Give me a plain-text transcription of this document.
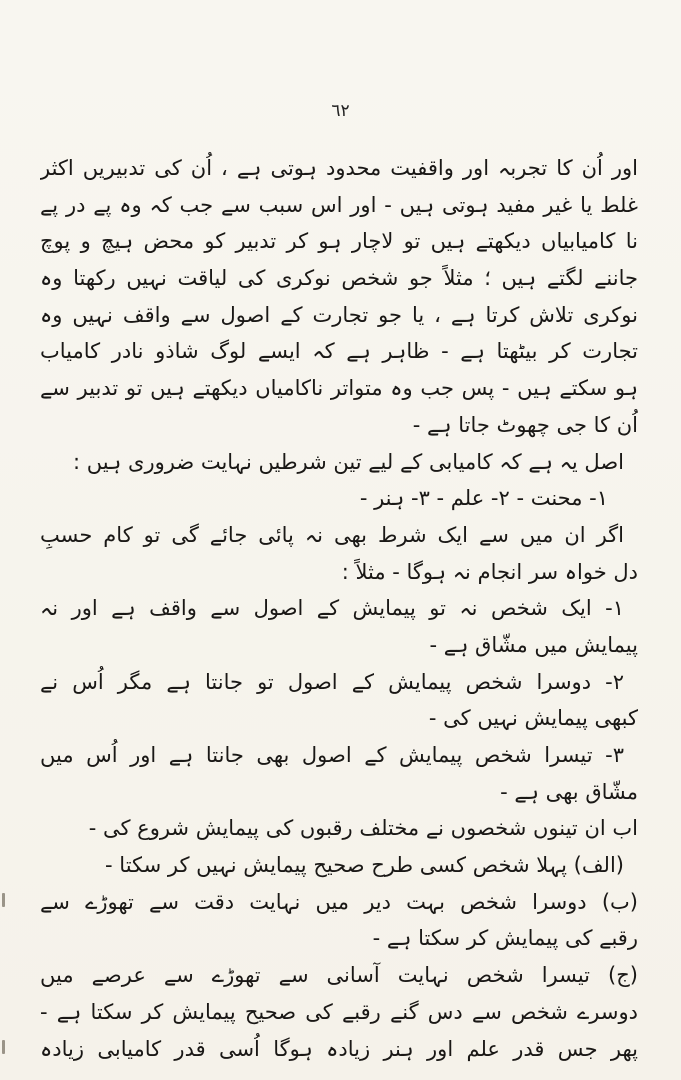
٦٢
اور اُن کا تجربہ اور واقفیت محدود ہوتی ہے ، اُن کی تدبیریں اکثر
غلط یا غیر مفید ہوتی ہیں - اور اس سبب سے جب کہ وہ پے در پے
نا کامیابیاں دیکھتے ہیں تو لاچار ہو کر تدبیر کو محض ہیچ و پوچ
جاننے لگتے ہیں ؛ مثلاً جو شخص نوکری کی لیاقت نہیں رکھتا وہ
نوکری تلاش کرتا ہے ، یا جو تجارت کے اصول سے واقف نہیں وہ
تجارت کر بیٹھتا ہے - ظاہر ہے کہ ایسے لوگ شاذو نادر کامیاب
ہو سکتے ہیں - پس جب وہ متواتر ناکامیاں دیکھتے ہیں تو تدبیر سے
اُن کا جی چھوٹ جاتا ہے -
اصل یہ ہے کہ کامیابی کے لیے تین شرطیں نہایت ضروری ہیں :
۱- محنت - ۲- علم - ۳- ہنر -
اگر ان میں سے ایک شرط بھی نہ پائی جائے گی تو کام حسبِ
دل خواہ سر انجام نہ ہوگا - مثلاً :
۱- ایک شخص نہ تو پیمایش کے اصول سے واقف ہے اور نہ
پیمایش میں مشّاق ہے -
۲- دوسرا شخص پیمایش کے اصول تو جانتا ہے مگر اُس نے
کبھی پیمایش نہیں کی -
۳- تیسرا شخص پیمایش کے اصول بھی جانتا ہے اور اُس میں
مشّاق بھی ہے -
اب ان تینوں شخصوں نے مختلف رقبوں کی پیمایش شروع کی -
(الف) پہلا شخص کسی طرح صحیح پیمایش نہیں کر سکتا -
(ب) دوسرا شخص بہت دیر میں نہایت دقت سے تھوڑے سے
رقبے کی پیمایش کر سکتا ہے -
(ج) تیسرا شخص نہایت آسانی سے تھوڑے سے عرصے میں
دوسرے شخص سے دس گنے رقبے کی صحیح پیمایش کر سکتا ہے -
پھر جس قدر علم اور ہنر زیادہ ہوگا اُسی قدر کامیابی زیادہ
